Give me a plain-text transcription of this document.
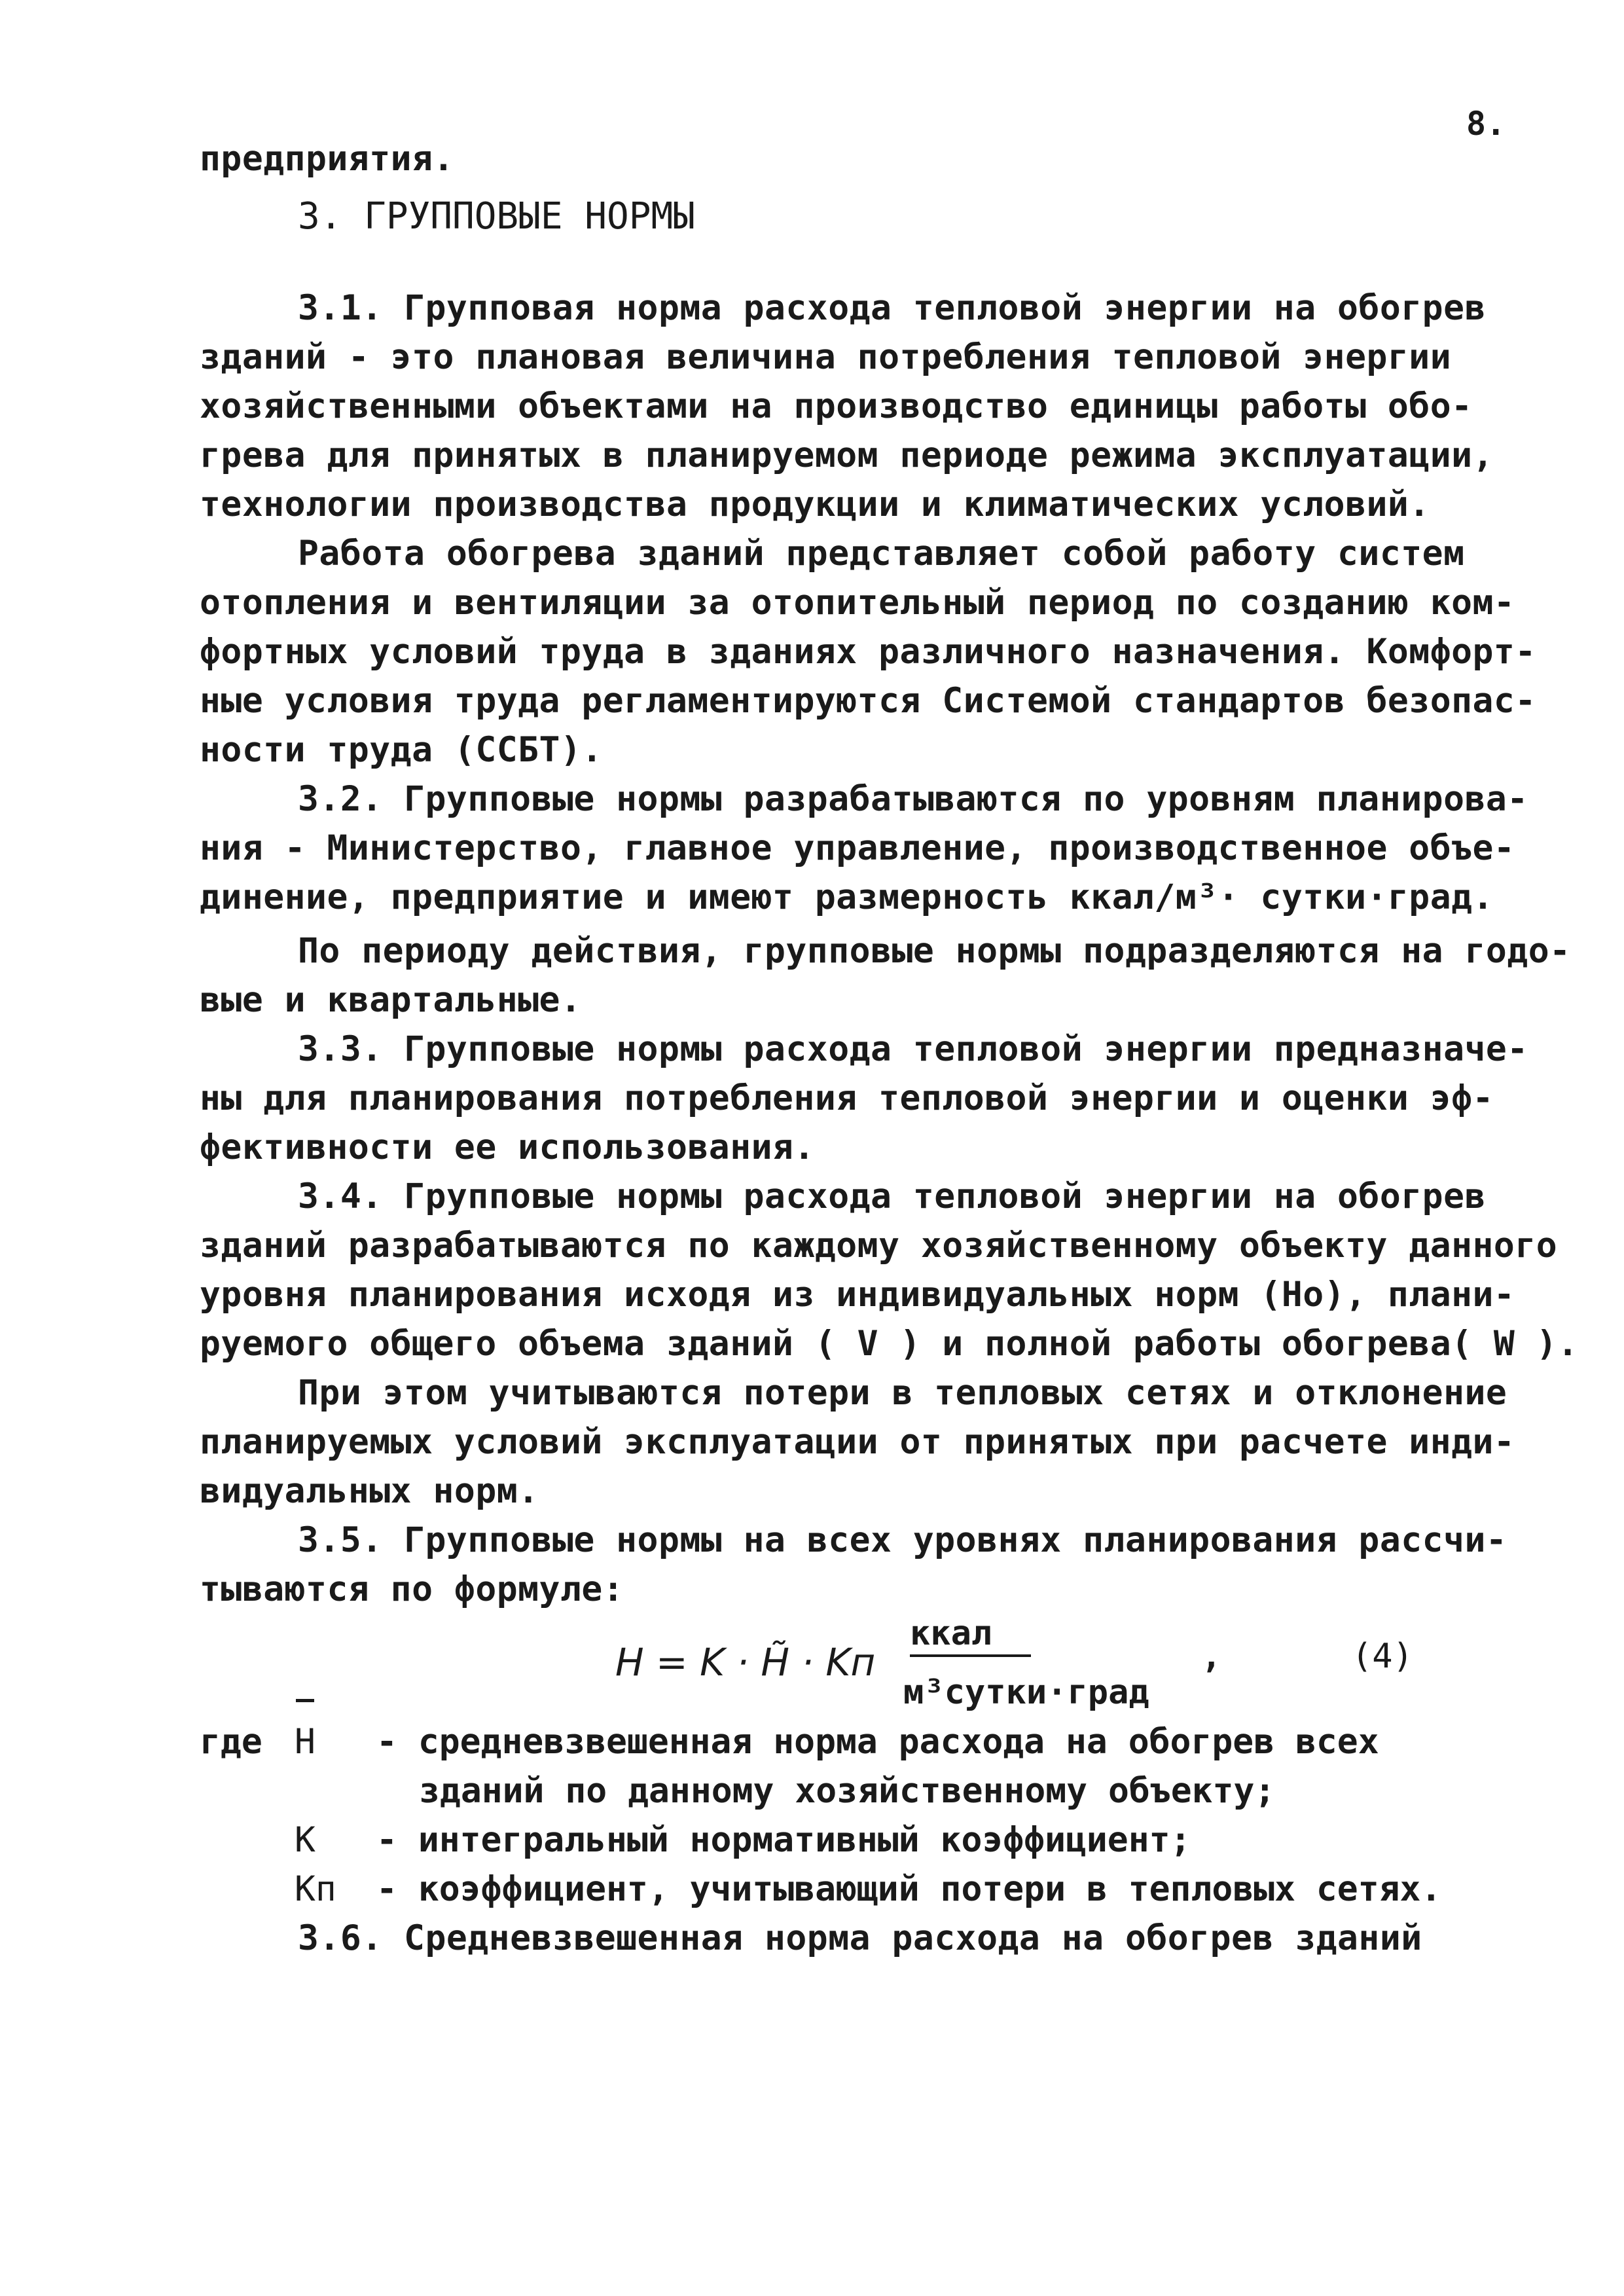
8.
предприятия.
3. ГРУППОВЫЕ НОРМЫ
3.1. Групповая норма расхода тепловой энергии на обогрев
зданий - это плановая величина потребления тепловой энергии
хозяйственными объектами на производство единицы работы обо-
грева для принятых в планируемом периоде режима эксплуатации,
технологии производства продукции и климатических условий.
Работа обогрева зданий представляет собой работу систем
отопления и вентиляции за отопительный период по созданию ком-
фортных условий труда в зданиях различного назначения. Комфорт-
ные условия труда регламентируются Системой стандартов безопас-
ности труда (ССБТ).
3.2. Групповые нормы разрабатываются по уровням планирова-
ния - Министерство, главное управление, производственное объе-
динение, предприятие и имеют размерность ккал/м³· сутки·град.
По периоду действия, групповые нормы подразделяются на годо-
вые и квартальные.
3.3. Групповые нормы расхода тепловой энергии предназначе-
ны для планирования потребления тепловой энергии и оценки эф-
фективности ее использования.
3.4. Групповые нормы расхода тепловой энергии на обогрев
зданий разрабатываются по каждому хозяйственному объекту данного
уровня планирования исходя из индивидуальных норм (Но), плани-
руемого общего объема зданий ( V ) и полной работы обогрева( W ).
При этом учитываются потери в тепловых сетях и отклонение
планируемых условий эксплуатации от принятых при расчете инди-
видуальных норм.
3.5. Групповые нормы на всех уровнях планирования рассчи-
тываются по формуле:
H = K · H̃ · Kп
ккал
м³сутки·град
,	(4)
где H - средневзвешенная норма расхода на обогрев всех
зданий по данному хозяйственному объекту;
К - интегральный нормативный коэффициент;
Кп - коэффициент, учитывающий потери в тепловых сетях.
3.6. Средневзвешенная норма расхода на обогрев зданий
